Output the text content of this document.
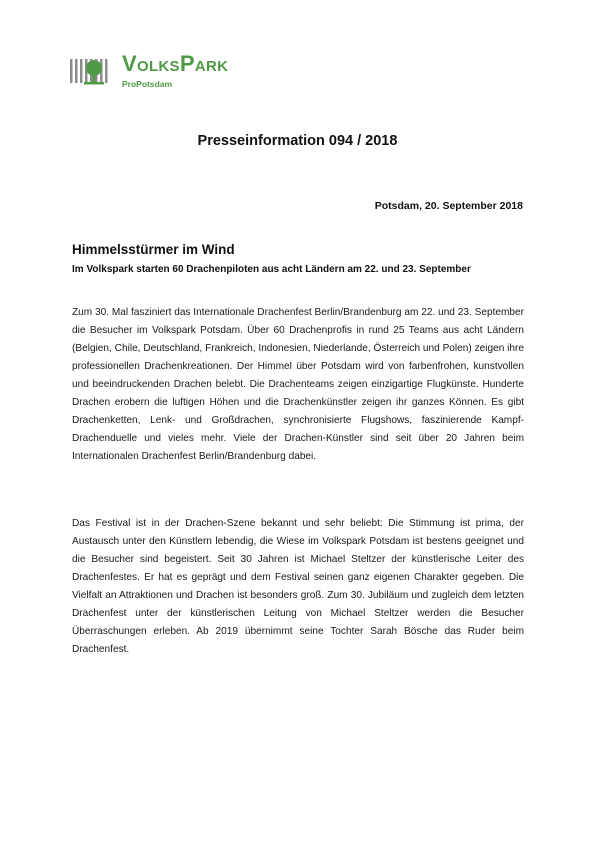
VOLKSPARK
ProPotsdam
Presseinformation 094 / 2018
Potsdam, 20. September 2018
Himmelsstürmer im Wind

Im Volkspark starten 60 Drachenpiloten aus acht Ländern am 22. und 23. September

Zum 30. Mal fasziniert das Internationale Drachenfest Berlin/Brandenburg am 22. und 23. September die Besucher im Volkspark Potsdam. Über 60 Drachenprofis in rund 25 Teams aus acht Ländern (Belgien, Chile, Deutschland, Frankreich, Indonesien, Niederlande, Österreich und Polen) zeigen ihre professionellen Drachenkreationen. Der Himmel über Potsdam wird von farbenfrohen, kunstvollen und beeindruckenden Drachen belebt. Die Drachenteams zeigen einzigartige Flugkünste. Hunderte Drachen erobern die luftigen Höhen und die Drachenkünstler zeigen ihr ganzes Können. Es gibt Drachenketten, Lenk- und Großdrachen, synchronisierte Flugshows, faszinierende Kampf-Drachenduelle und vieles mehr. Viele der Drachen-Künstler sind seit über 20 Jahren beim Internationalen Drachenfest Berlin/Brandenburg dabei.

Das Festival ist in der Drachen-Szene bekannt und sehr beliebt: Die Stimmung ist prima, der Austausch unter den Künstlern lebendig, die Wiese im Volkspark Potsdam ist bestens geeignet und die Besucher sind begeistert. Seit 30 Jahren ist Michael Steltzer der künstlerische Leiter des Drachenfestes. Er hat es geprägt und dem Festival seinen ganz eigenen Charakter gegeben. Die Vielfalt an Attraktionen und Drachen ist besonders groß. Zum 30. Jubiläum und zugleich dem letzten Drachenfest unter der künstlerischen Leitung von Michael Steltzer werden die Besucher Überraschungen erleben. Ab 2019 übernimmt seine Tochter Sarah Bösche das Ruder beim Drachenfest.
